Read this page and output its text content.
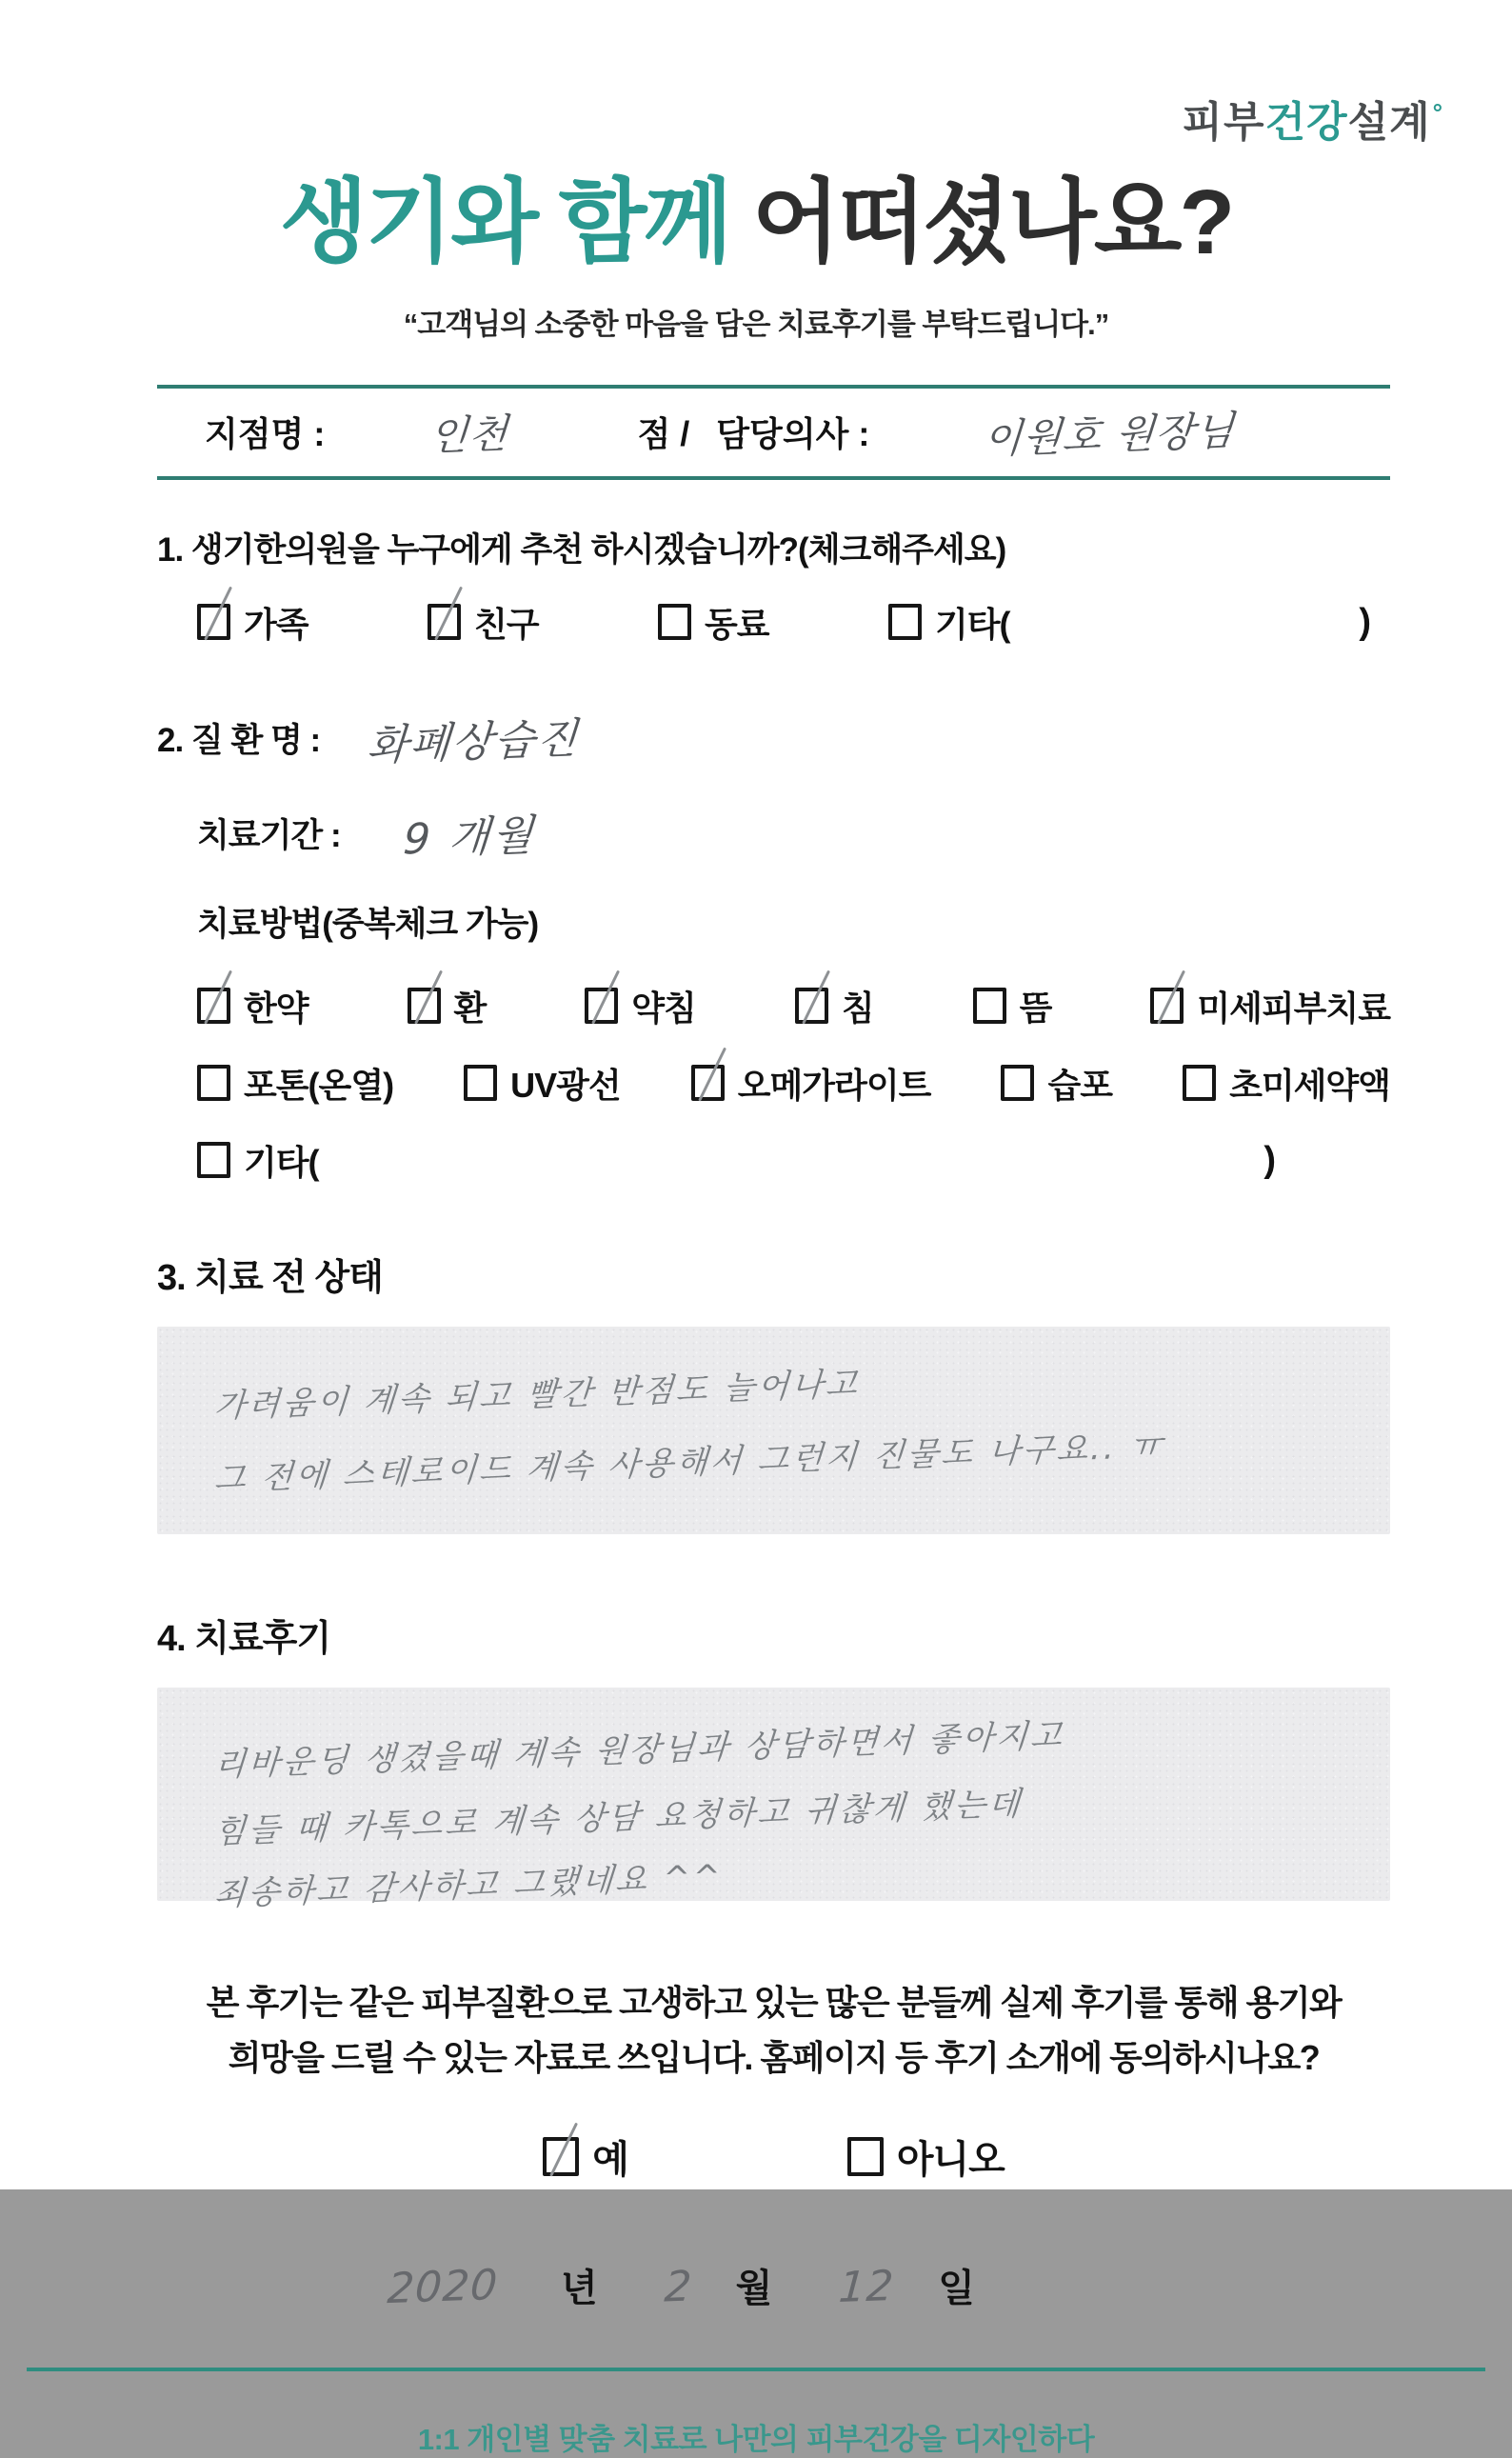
피부건강설계°
생기와 함께 어떠셨나요?
“고객님의 소중한 마음을 담은 치료후기를 부탁드립니다.”
지점명 :	인천	점 / 담당의사 :	이원호 원장님
1. 생기한의원을 누구에게 추천 하시겠습니까?(체크해주세요)
가족	친구	동료	기타(	)
2. 질 환 명 : 화폐상습진
치료기간 : 9 개월
치료방법(중복체크 가능)
한약	환	약침	침	뜸	미세피부치료
포톤(온열)	UV광선	오메가라이트	습포	초미세약액
기타(	)
3. 치료 전 상태
가려움이 계속 되고 빨간 반점도 늘어나고
그 전에 스테로이드 계속 사용해서 그런지 진물도 나구요.. ㅠ
4. 치료후기
리바운딩 생겼을때 계속 원장님과 상담하면서 좋아지고
힘들 때 카톡으로 계속 상담 요청하고 귀찮게 했는데
죄송하고 감사하고 그랬네요 ^^
본 후기는 같은 피부질환으로 고생하고 있는 많은 분들께 실제 후기를 통해 용기와
희망을 드릴 수 있는 자료로 쓰입니다. 홈페이지 등 후기 소개에 동의하시나요?
예	아니오
2020 년 2 월 12 일
1:1 개인별 맞춤 치료로 나만의 피부건강을 디자인하다
